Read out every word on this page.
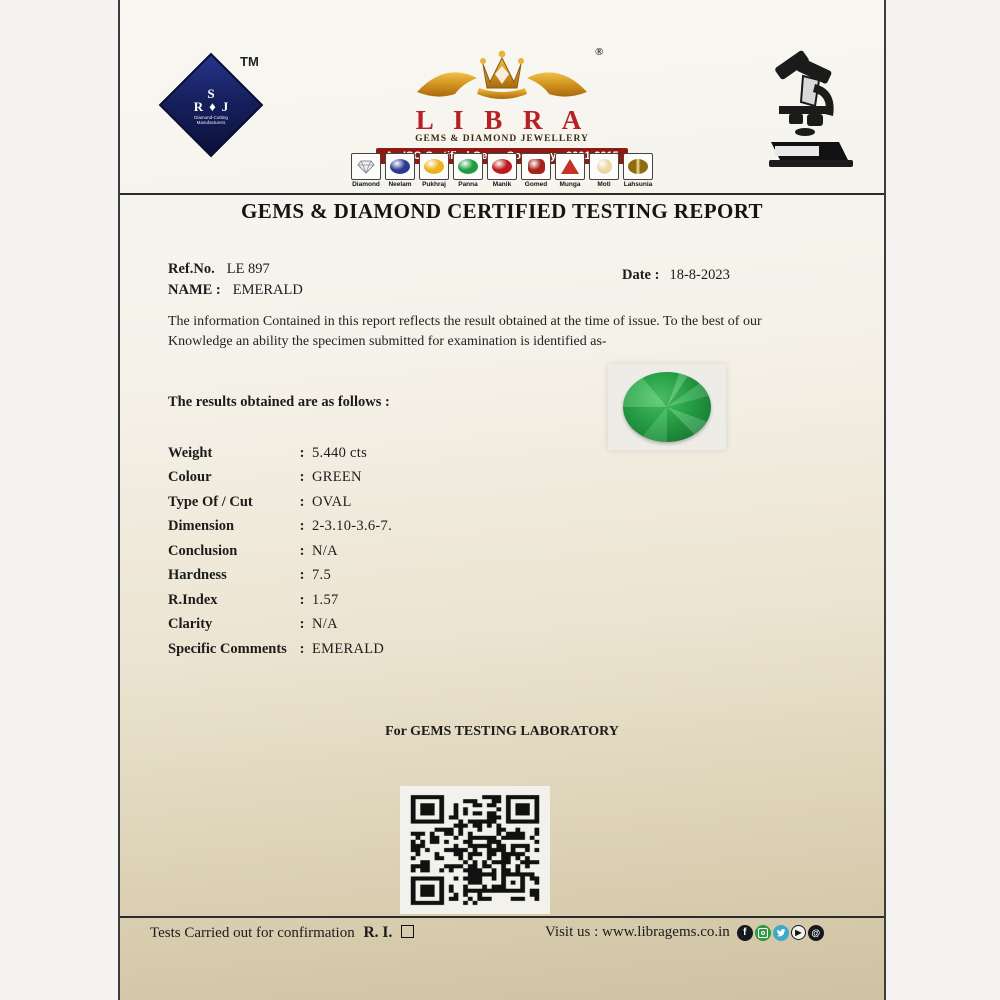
TM
S
R ♦ J
Diamond-Cutting
Manufacturers
®
L I B R A
GEMS & DIAMOND JEWELLERY
Diamond	Neelam	Pukhraj	Panna	Manik	Gomed	Munga	Moti	Lahsunia
GEMS & DIAMOND CERTIFIED TESTING REPORT
Ref.No. LE 897
NAME : EMERALD
Date : 18-8-2023
The information Contained in this report reflects the result obtained at the time of issue. To the best of our Knowledge an ability the specimen submitted for examination is identified as-
The results obtained are as follows :
Weight	: 5.440 cts
Colour	: GREEN
Type Of / Cut	: OVAL
Dimension	: 2-3.10-3.6-7.
Conclusion	: N/A
Hardness	: 7.5
R.Index	: 1.57
Clarity	: N/A
Specific Comments : EMERALD
For GEMS TESTING LABORATORY
Tests Carried out for confirmation R. I.	Visit us : www.libragems.co.in	f	▶	@
